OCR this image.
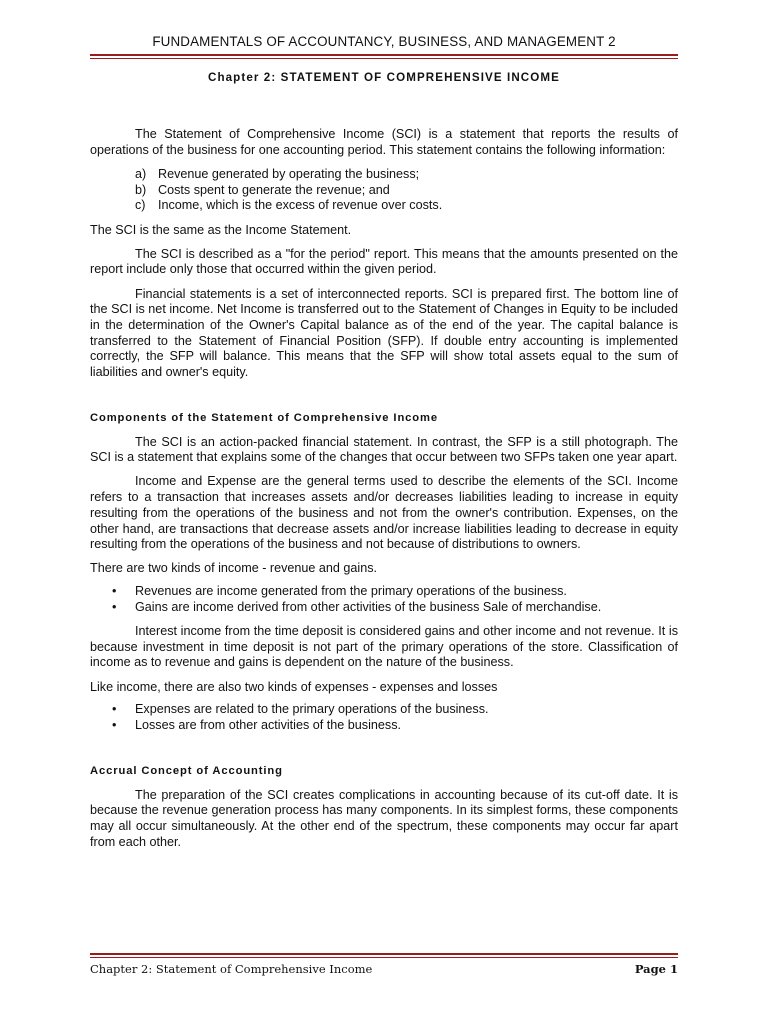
FUNDAMENTALS OF ACCOUNTANCY, BUSINESS, AND MANAGEMENT 2
Chapter 2: STATEMENT OF COMPREHENSIVE INCOME

The Statement of Comprehensive Income (SCI) is a statement that reports the results of operations of the business for one accounting period. This statement contains the following information:

a) Revenue generated by operating the business;
b) Costs spent to generate the revenue; and
c) Income, which is the excess of revenue over costs.

The SCI is the same as the Income Statement.

The SCI is described as a "for the period" report. This means that the amounts presented on the report include only those that occurred within the given period.

Financial statements is a set of interconnected reports. SCI is prepared first. The bottom line of the SCI is net income. Net Income is transferred out to the Statement of Changes in Equity to be included in the determination of the Owner's Capital balance as of the end of the year. The capital balance is transferred to the Statement of Financial Position (SFP). If double entry accounting is implemented correctly, the SFP will balance. This means that the SFP will show total assets equal to the sum of liabilities and owner's equity.

Components of the Statement of Comprehensive Income

The SCI is an action-packed financial statement. In contrast, the SFP is a still photograph. The SCI is a statement that explains some of the changes that occur between two SFPs taken one year apart.

Income and Expense are the general terms used to describe the elements of the SCI. Income refers to a transaction that increases assets and/or decreases liabilities leading to increase in equity resulting from the operations of the business and not from the owner's contribution. Expenses, on the other hand, are transactions that decrease assets and/or increase liabilities leading to decrease in equity resulting from the operations of the business and not because of distributions to owners.

There are two kinds of income - revenue and gains.

•	Revenues are income generated from the primary operations of the business.
•	Gains are income derived from other activities of the business Sale of merchandise.

Interest income from the time deposit is considered gains and other income and not revenue. It is because investment in time deposit is not part of the primary operations of the store. Classification of income as to revenue and gains is dependent on the nature of the business.

Like income, there are also two kinds of expenses - expenses and losses

•	Expenses are related to the primary operations of the business.
•	Losses are from other activities of the business.
Accrual Concept of Accounting

The preparation of the SCI creates complications in accounting because of its cut-off date. It is because the revenue generation process has many components. In its simplest forms, these components may all occur simultaneously. At the other end of the spectrum, these components may occur far apart from each other.

Chapter 2: Statement of Comprehensive Income	Page 1
